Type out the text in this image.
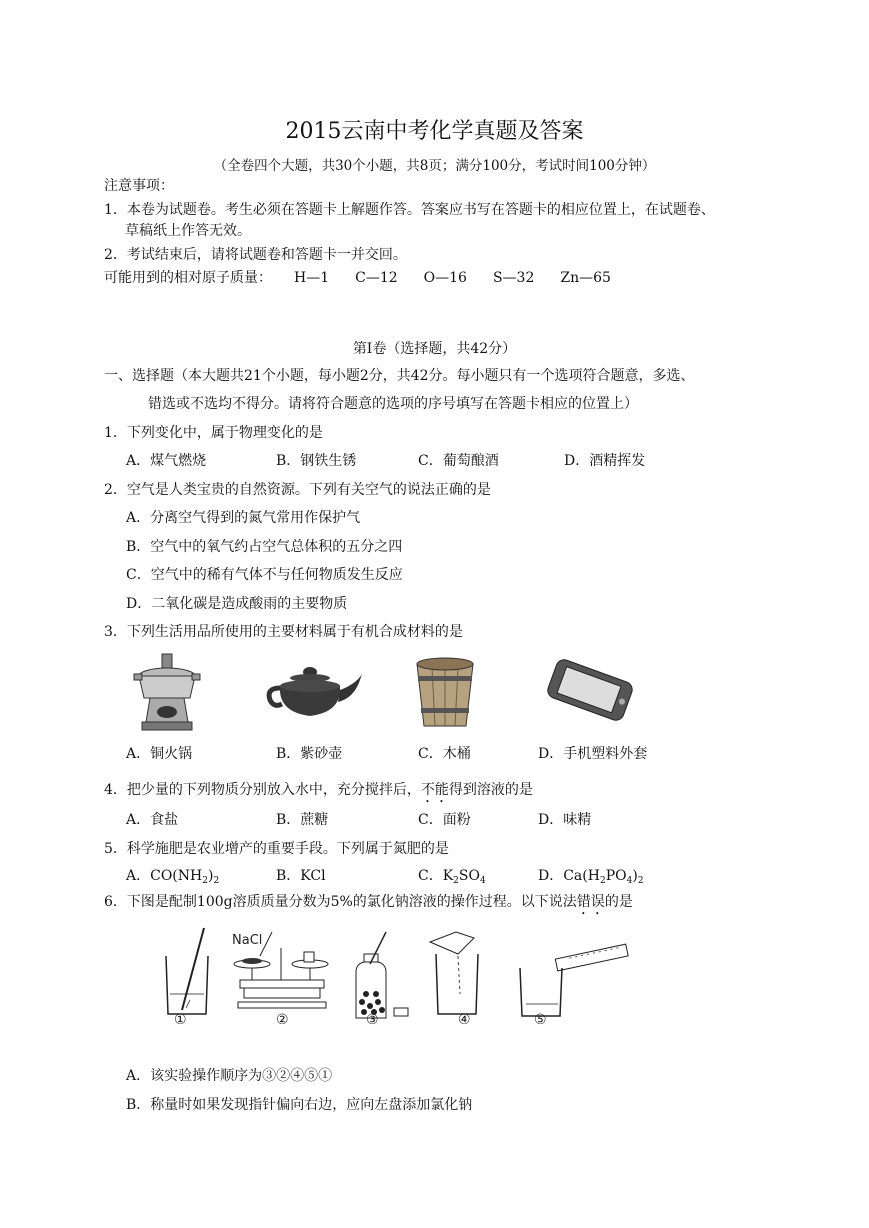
2015云南中考化学真题及答案
（全卷四个大题，共30个小题，共8页；满分100分，考试时间100分钟）
注意事项：
1．本卷为试题卷。考生必须在答题卡上解题作答。答案应书写在答题卡的相应位置上，在试题卷、
草稿纸上作答无效。
2．考试结束后，请将试题卷和答题卡一并交回。
可能用到的相对原子质量： H—1 C—12 O—16 S—32 Zn—65
第Ⅰ卷（选择题，共42分）
一、选择题（本大题共21个小题，每小题2分，共42分。每小题只有一个选项符合题意，多选、
错选或不选均不得分。请将符合题意的选项的序号填写在答题卡相应的位置上）
1．下列变化中，属于物理变化的是
A．煤气燃烧	B．钢铁生锈	C．葡萄酿酒	D．酒精挥发
2．空气是人类宝贵的自然资源。下列有关空气的说法正确的是
A．分离空气得到的氮气常用作保护气
B．空气中的氧气约占空气总体积的五分之四
C．空气中的稀有气体不与任何物质发生反应
D．二氧化碳是造成酸雨的主要物质
3．下列生活用品所使用的主要材料属于有机合成材料的是
A．铜火锅	B．紫砂壶	C．木桶	D．手机塑料外套
4．把少量的下列物质分别放入水中，充分搅拌后，不能得到溶液的是
A．食盐	B．蔗糖	C．面粉	D．味精
5．科学施肥是农业增产的重要手段。下列属于氮肥的是
A．$CO(NH_2)_2$	B．KCl	C．$K_2SO_4$	D．$Ca(H_2PO_4)_2$
6．下图是配制100g溶质质量分数为5%的氯化钠溶液的操作过程。以下说法错误的是
NaCl
①	②	③	④	⑤
A．该实验操作顺序为③②④⑤①
B．称量时如果发现指针偏向右边，应向左盘添加氯化钠
